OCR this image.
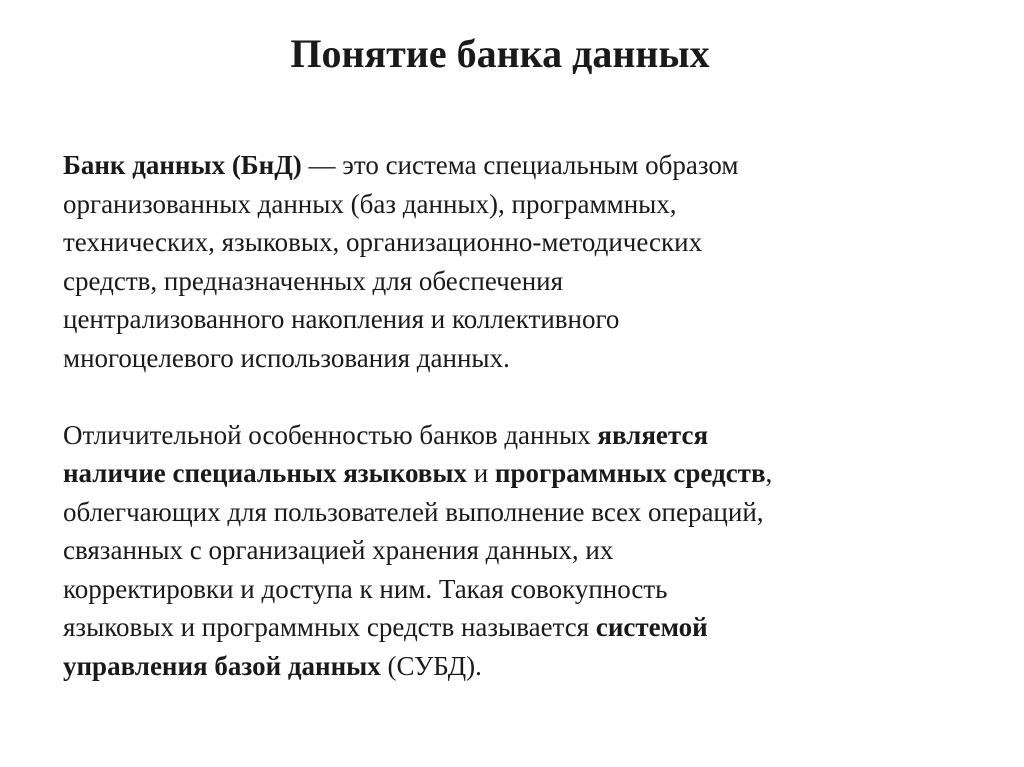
Понятие банка данных

Банк данных (БнД) — это система специальным образом
организованных данных (баз данных), программных,
технических, языковых, организационно-методических
средств, предназначенных для обеспечения
централизованного накопления и коллективного
многоцелевого использования данных.

Отличительной особенностью банков данных является
наличие специальных языковых и программных средств,
облегчающих для пользователей выполнение всех операций,
связанных с организацией хранения данных, их
корректировки и доступа к ним. Такая совокупность
языковых и программных средств называется системой
управления базой данных (СУБД).
